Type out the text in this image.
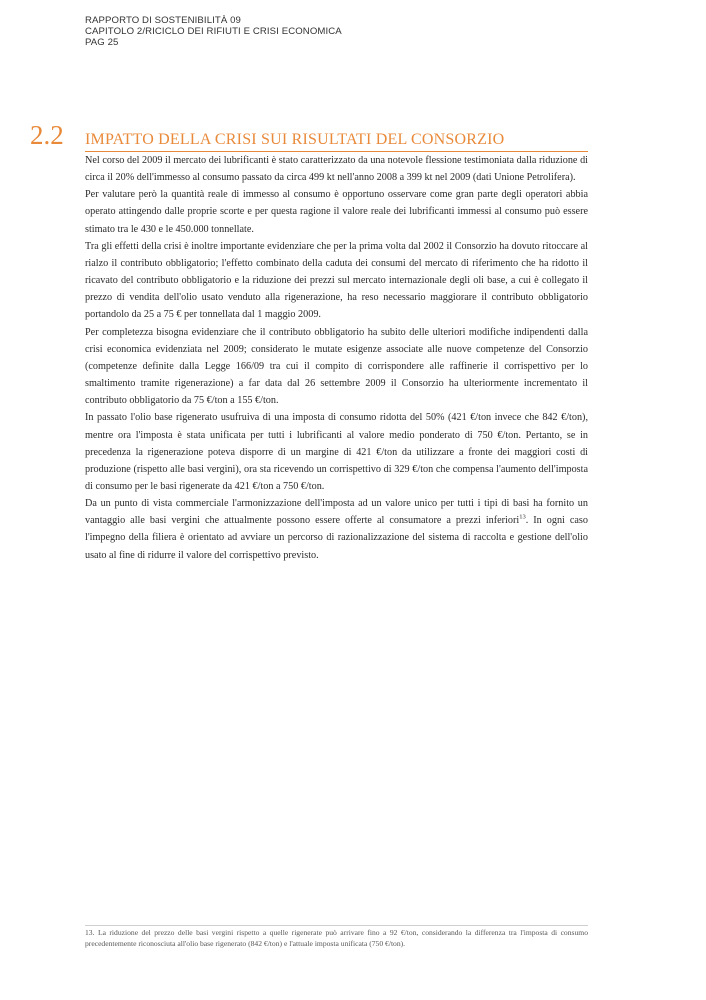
RAPPORTO DI SOSTENIBILITÀ 09
CAPITOLO 2/RICICLO DEI RIFIUTI E CRISI ECONOMICA
PAG 25
2.2 IMPATTO DELLA CRISI SUI RISULTATI DEL CONSORZIO

Nel corso del 2009 il mercato dei lubrificanti è stato caratterizzato da una notevole flessione testimoniata dalla riduzione di circa il 20% dell'immesso al consumo passato da circa 499 kt nell'anno 2008 a 399 kt nel 2009 (dati Unione Petrolifera).

Per valutare però la quantità reale di immesso al consumo è opportuno osservare come gran parte degli operatori abbia operato attingendo dalle proprie scorte e per questa ragione il valore reale dei lubrificanti immessi al consumo può essere stimato tra le 430 e le 450.000 tonnellate.

Tra gli effetti della crisi è inoltre importante evidenziare che per la prima volta dal 2002 il Consorzio ha dovuto ritoccare al rialzo il contributo obbligatorio; l'effetto combinato della caduta dei consumi del mercato di riferimento che ha ridotto il ricavato del contributo obbligatorio e la riduzione dei prezzi sul mercato internazionale degli oli base, a cui è collegato il prezzo di vendita dell'olio usato venduto alla rigenerazione, ha reso necessario maggiorare il contributo obbligatorio portandolo da 25 a 75 € per tonnellata dal 1 maggio 2009.

Per completezza bisogna evidenziare che il contributo obbligatorio ha subito delle ulteriori modifiche indipendenti dalla crisi economica evidenziata nel 2009; considerato le mutate esigenze associate alle nuove competenze del Consorzio (competenze definite dalla Legge 166/09 tra cui il compito di corrispondere alle raffinerie il corrispettivo per lo smaltimento tramite rigenerazione) a far data dal 26 settembre 2009 il Consorzio ha ulteriormente incrementato il contributo obbligatorio da 75 €/ton a 155 €/ton.

In passato l'olio base rigenerato usufruiva di una imposta di consumo ridotta del 50% (421 €/ton invece che 842 €/ton), mentre ora l'imposta è stata unificata per tutti i lubrificanti al valore medio ponderato di 750 €/ton. Pertanto, se in precedenza la rigenerazione poteva disporre di un margine di 421 €/ton da utilizzare a fronte dei maggiori costi di produzione (rispetto alle basi vergini), ora sta ricevendo un corrispettivo di 329 €/ton che compensa l'aumento dell'imposta di consumo per le basi rigenerate da 421 €/ton a 750 €/ton.

Da un punto di vista commerciale l'armonizzazione dell'imposta ad un valore unico per tutti i tipi di basi ha fornito un vantaggio alle basi vergini che attualmente possono essere offerte al consumatore a prezzi inferiori$^{13}$. In ogni caso l'impegno della filiera è orientato ad avviare un percorso di razionalizzazione del sistema di raccolta e gestione dell'olio usato al fine di ridurre il valore del corrispettivo previsto.

13. La riduzione del prezzo delle basi vergini rispetto a quelle rigenerate può arrivare fino a 92 €/ton, considerando la differenza tra l'imposta di consumo precedentemente riconosciuta all'olio base rigenerato (842 €/ton) e l'attuale imposta unificata (750 €/ton).
